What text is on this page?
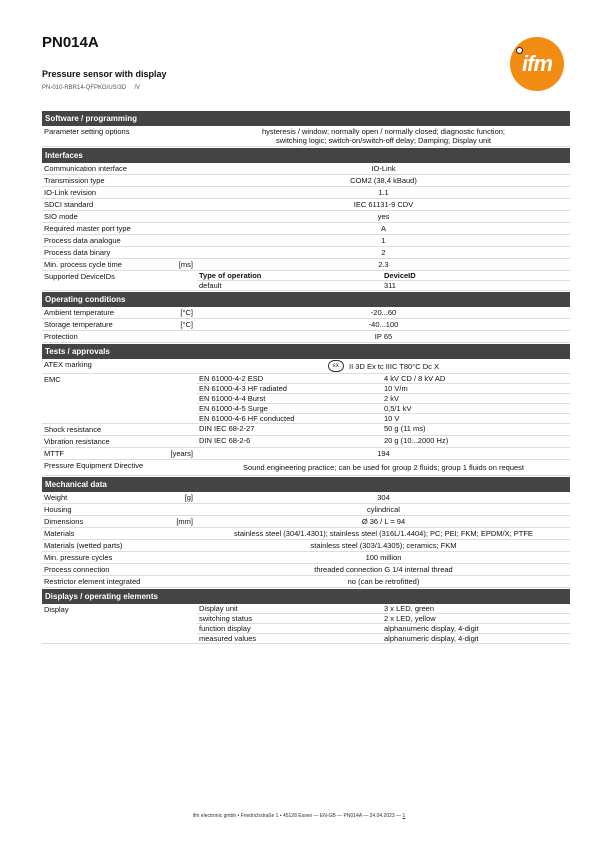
PN014A
Pressure sensor with display
PN-010-RBR14-QFPKG/US/3D     /V
ifm
Software / programming
Parameter setting options	hysteresis / window; normally open / normally closed; diagnostic function;
switching logic; switch-on/switch-off delay; Damping; Display unit
Interfaces
Communication interface	IO-Link
Transmission type	COM2 (38,4 kBaud)
IO-Link revision	1.1
SDCI standard	IEC 61131-9 CDV
SIO mode	yes
Required master port type	A
Process data analogue	1
Process data binary	2
Min. process cycle time	[ms]	2.3
Supported DeviceIDs	Type of operation	DeviceID
default	311
Operating conditions
Ambient temperature	[°C]	-20...60
Storage temperature	[°C]	-40...100
Protection	IP 65
Tests / approvals
ATEX marking	εx	II 3D Ex tc IIIC T80°C Dc X
EMC	EN 61000-4-2 ESD	4 kV CD / 8 kV AD
EN 61000-4-3 HF radiated	10 V/m
EN 61000-4-4 Burst	2 kV
EN 61000-4-5 Surge	0,5/1 kV
EN 61000-4-6 HF conducted	10 V
Shock resistance	DIN IEC 68-2-27	50 g (11 ms)
Vibration resistance	DIN IEC 68-2-6	20 g (10...2000 Hz)
MTTF	[years]	194
Pressure Equipment Directive	Sound engineering practice; can be used for group 2 fluids; group 1 fluids on request
Mechanical data
Weight	[g]	304
Housing	cylindrical
Dimensions	[mm]	Ø 36 / L = 94
Materials	stainless steel (304/1.4301); stainless steel (316L/1.4404); PC; PEI; FKM; EPDM/X; PTFE
Materials (wetted parts)	stainless steel (303/1.4305); ceramics; FKM
Min. pressure cycles	100 million
Process connection	threaded connection G 1/4 internal thread
Restrictor element integrated	no (can be retrofitted)
Displays / operating elements
Display	Display unit	3 x LED, green
switching status	2 x LED, yellow
function display	alphanumeric display, 4-digit
measured values	alphanumeric display, 4-digit
ifm electronic gmbh • Friedrichstraße 1 • 45128 Essen — EN-GB — PN014A — 24.04.2023 — 1
